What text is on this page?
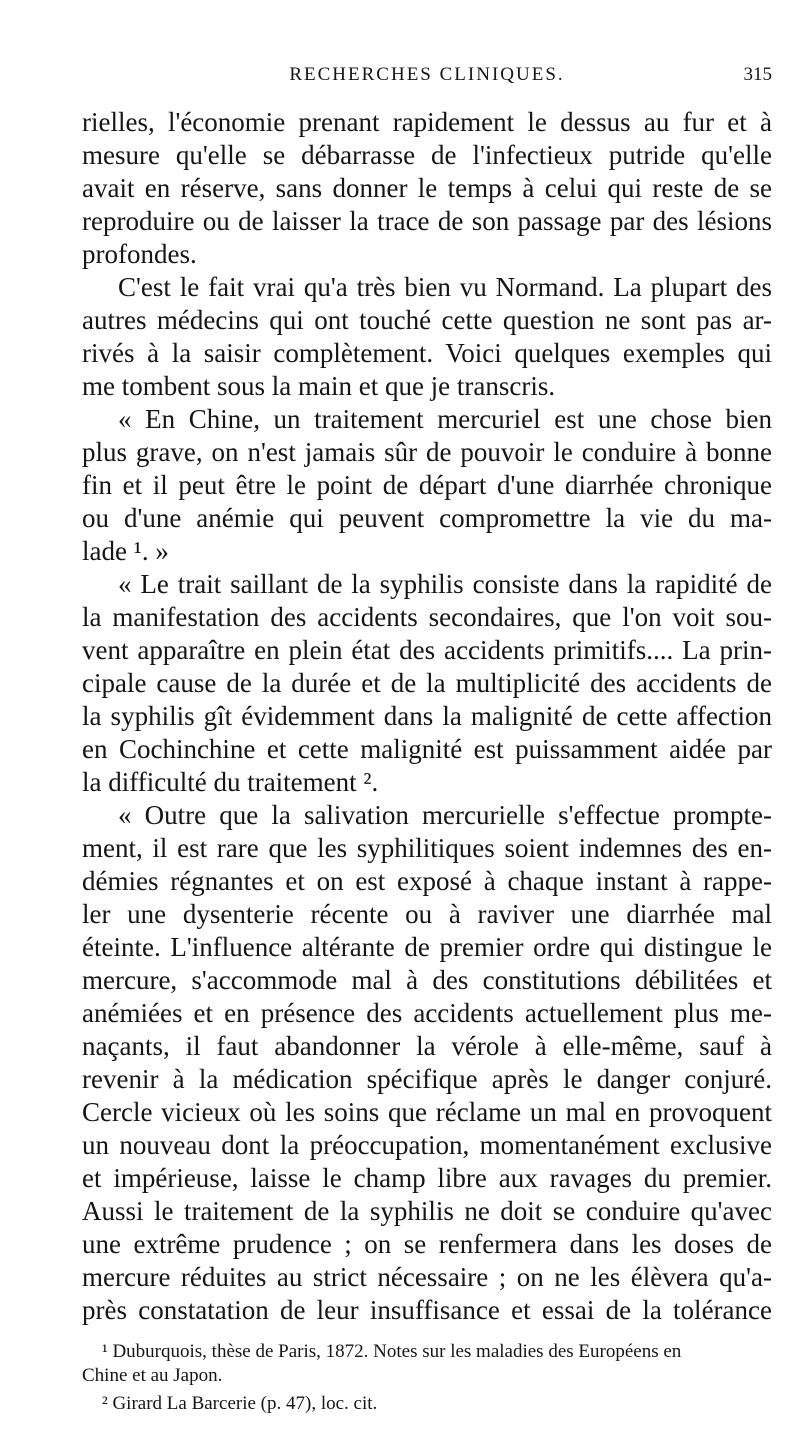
RECHERCHES CLINIQUES.	315
rielles, l'économie prenant rapidement le dessus au fur et à
mesure qu'elle se débarrasse de l'infectieux putride qu'elle
avait en réserve, sans donner le temps à celui qui reste de se
reproduire ou de laisser la trace de son passage par des lésions
profondes.
C'est le fait vrai qu'a très bien vu Normand. La plupart des
autres médecins qui ont touché cette question ne sont pas ar-
rivés à la saisir complètement. Voici quelques exemples qui
me tombent sous la main et que je transcris.
« En Chine, un traitement mercuriel est une chose bien
plus grave, on n'est jamais sûr de pouvoir le conduire à bonne
fin et il peut être le point de départ d'une diarrhée chronique
ou d'une anémie qui peuvent compromettre la vie du ma-
lade ¹. »
« Le trait saillant de la syphilis consiste dans la rapidité de
la manifestation des accidents secondaires, que l'on voit sou-
vent apparaître en plein état des accidents primitifs.... La prin-
cipale cause de la durée et de la multiplicité des accidents de
la syphilis gît évidemment dans la malignité de cette affection
en Cochinchine et cette malignité est puissamment aidée par
la difficulté du traitement ².
« Outre que la salivation mercurielle s'effectue prompte-
ment, il est rare que les syphilitiques soient indemnes des en-
démies régnantes et on est exposé à chaque instant à rappe-
ler une dysenterie récente ou à raviver une diarrhée mal
éteinte. L'influence altérante de premier ordre qui distingue le
mercure, s'accommode mal à des constitutions débilitées et
anémiées et en présence des accidents actuellement plus me-
naçants, il faut abandonner la vérole à elle-même, sauf à
revenir à la médication spécifique après le danger conjuré.
Cercle vicieux où les soins que réclame un mal en provoquent
un nouveau dont la préoccupation, momentanément exclusive
et impérieuse, laisse le champ libre aux ravages du premier.
Aussi le traitement de la syphilis ne doit se conduire qu'avec
une extrême prudence ; on se renfermera dans les doses de
mercure réduites au strict nécessaire ; on ne les élèvera qu'a-
près constatation de leur insuffisance et essai de la tolérance
¹ Duburquois, thèse de Paris, 1872. Notes sur les maladies des Européens en
Chine et au Japon.
² Girard La Barcerie (p. 47), loc. cit.
